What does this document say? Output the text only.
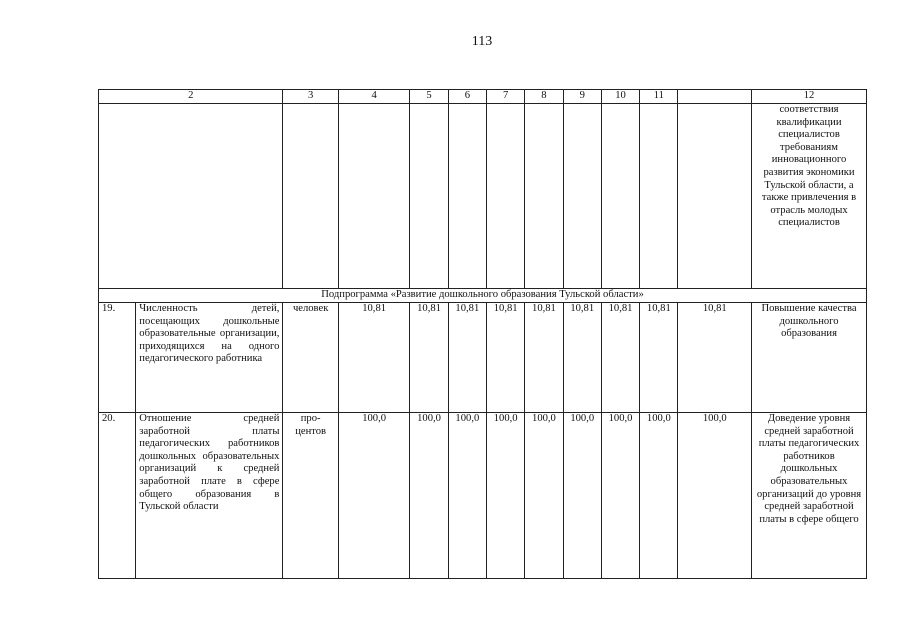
113
2		3	4	5	6	7	8	9	10	11		12
												соответствия квалификации специалистов требованиям инновационного развития экономики Тульской области, а также привлечения в отрасль молодых специалистов
Подпрограмма «Развитие дошкольного образования Тульской области»												
19.	Численность детей, посещающих дошкольные образовательные организации, приходящихся на одного педагогического работника	человек	10,81	10,81	10,81	10,81	10,81	10,81	10,81	10,81	10,81	Повышение качества дошкольного образования
20.	Отношение средней заработной платы педагогических работников дошкольных образовательных организаций к средней заработной плате в сфере общего образования в Тульской области	про-центов	100,0	100,0	100,0	100,0	100,0	100,0	100,0	100,0	100,0	Доведение уровня средней заработной платы педагогических работников дошкольных образовательных организаций до уровня средней заработной платы в сфере общего
